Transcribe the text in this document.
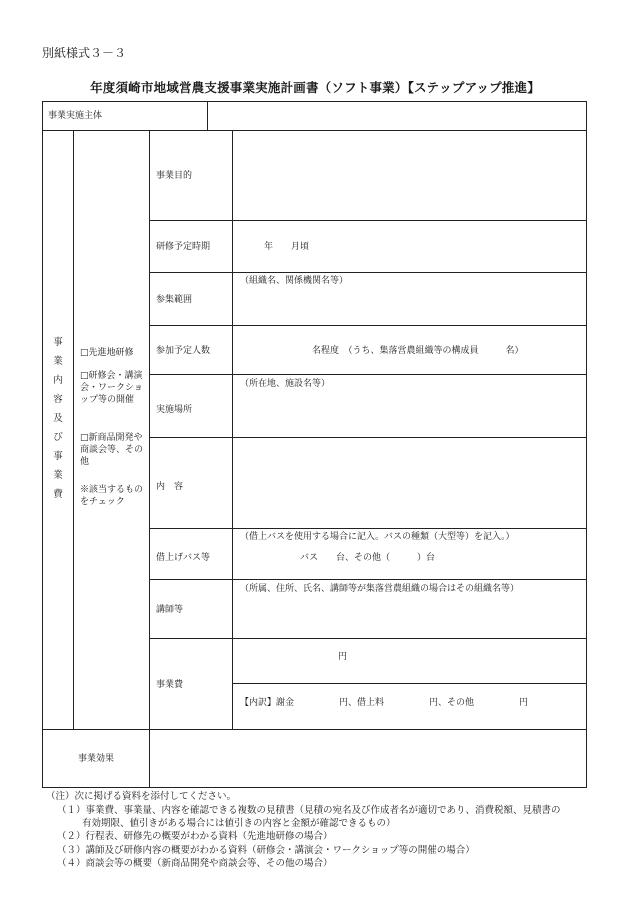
別紙様式３－３
年度須崎市地域営農支援事業実施計画書（ソフト事業）【ステップアップ推進】
事業実施主体
事
業
内
容
及
び
事
業
費
□先進地研修
□研修会・講演会・ワークショップ等の開催
□新商品開発や商談会等、その他
※該当するものをチェック
事業目的
研修予定時期
参集範囲
参加予定人数
実施場所
内　容
借上げバス等
講師等
事業費
年　　月頃
（組織名、関係機関名等）
名程度　（うち、集落営農組織等の構成員　　　名）
（所在地、施設名等）
（借上バスを使用する場合に記入。バスの種類（大型等）を記入。）
バス　　台、その他（　　　）台
（所属、住所、氏名、講師等が集落営農組織の場合はその組織名等）
円
【内訳】謝金　　　　　円、借上料　　　　　円、その他　　　　　円
事業効果
（注）次に掲げる資料を添付してください。
（１）事業費、事業量、内容を確認できる複数の見積書（見積の宛名及び作成者名が適切であり、消費税額、見積書の
有効期限、値引きがある場合には値引きの内容と金額が確認できるもの）
（２）行程表、研修先の概要がわかる資料（先進地研修の場合）
（３）講師及び研修内容の概要がわかる資料（研修会・講演会・ワークショップ等の開催の場合）
（４）商談会等の概要（新商品開発や商談会等、その他の場合）
